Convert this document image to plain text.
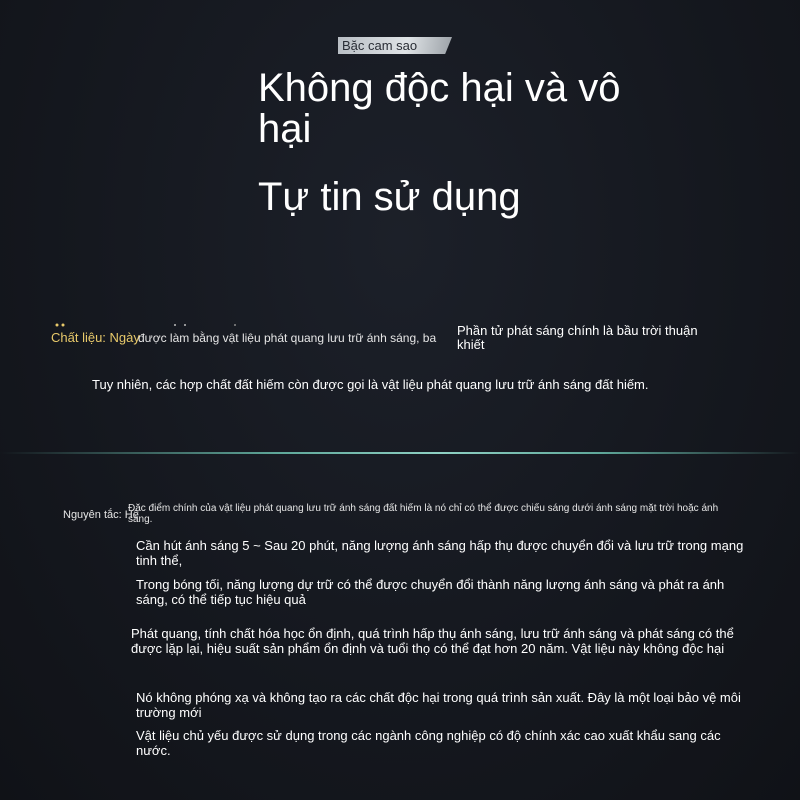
Bặc cam sao
Không độc hại và vô hại
Tự tin sử dụng
Chất liệu: Ngày
được làm bằng vật liệu phát quang lưu trữ ánh sáng, ba Phần tử phát sáng chính là bầu trời thuận khiết
Tuy nhiên, các hợp chất đất hiếm còn được gọi là vật liệu phát quang lưu trữ ánh sáng đất hiếm.
Nguyên tắc: Hệ
Đặc điểm chính của vật liệu phát quang lưu trữ ánh sáng đất hiếm là nó chỉ có thể được chiếu sáng dưới ánh sáng mặt trời hoặc ánh sáng.
Cần hút ánh sáng 5 ~ Sau 20 phút, năng lượng ánh sáng hấp thụ được chuyển đổi và lưu trữ trong mạng tinh thể,
Trong bóng tối, năng lượng dự trữ có thể được chuyển đổi thành năng lượng ánh sáng và phát ra ánh sáng, có thể tiếp tục hiệu quả
Phát quang, tính chất hóa học ổn định, quá trình hấp thụ ánh sáng, lưu trữ ánh sáng và phát sáng có thể được lặp lại, hiệu suất sản phẩm ổn định và tuổi thọ có thể đạt hơn 20 năm. Vật liệu này không độc hại
Nó không phóng xạ và không tạo ra các chất độc hại trong quá trình sản xuất. Đây là một loại bảo vệ môi trường mới
Vật liệu chủ yếu được sử dụng trong các ngành công nghiệp có độ chính xác cao xuất khẩu sang các nước.
